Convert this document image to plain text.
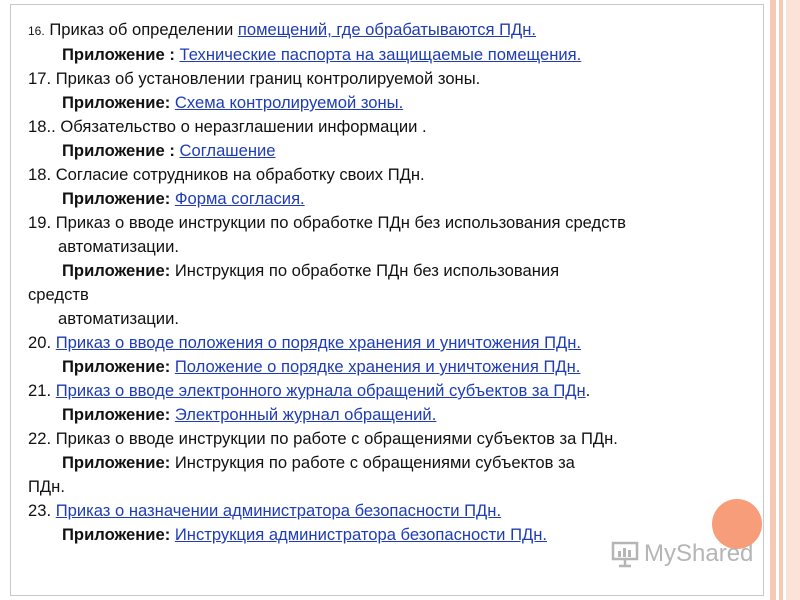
16. Приказ об определении помещений, где обрабатываются ПДн.
Приложение : Технические паспорта на защищаемые помещения.
17. Приказ об установлении границ контролируемой зоны.
Приложение: Схема контролируемой зоны.
18.. Обязательство о неразглашении информации .
Приложение : Соглашение
18. Согласие сотрудников на обработку своих ПДн.
Приложение: Форма согласия.
19. Приказ о вводе инструкции по обработке ПДн без использования средств
автоматизации.
Приложение: Инструкция по обработке ПДн без использования
средств
автоматизации.
20. Приказ о вводе положения о порядке хранения и уничтожения ПДн.
Приложение: Положение о порядке хранения и уничтожения ПДн.
21. Приказ о вводе электронного журнала обращений субъектов за ПДн.
Приложение: Электронный журнал обращений.
22. Приказ о вводе инструкции по работе с обращениями субъектов за ПДн.
Приложение: Инструкция по работе с обращениями субъектов за
ПДн.
23. Приказ о назначении администратора безопасности ПДн.
Приложение: Инструкция администратора безопасности ПДн.
MyShared
